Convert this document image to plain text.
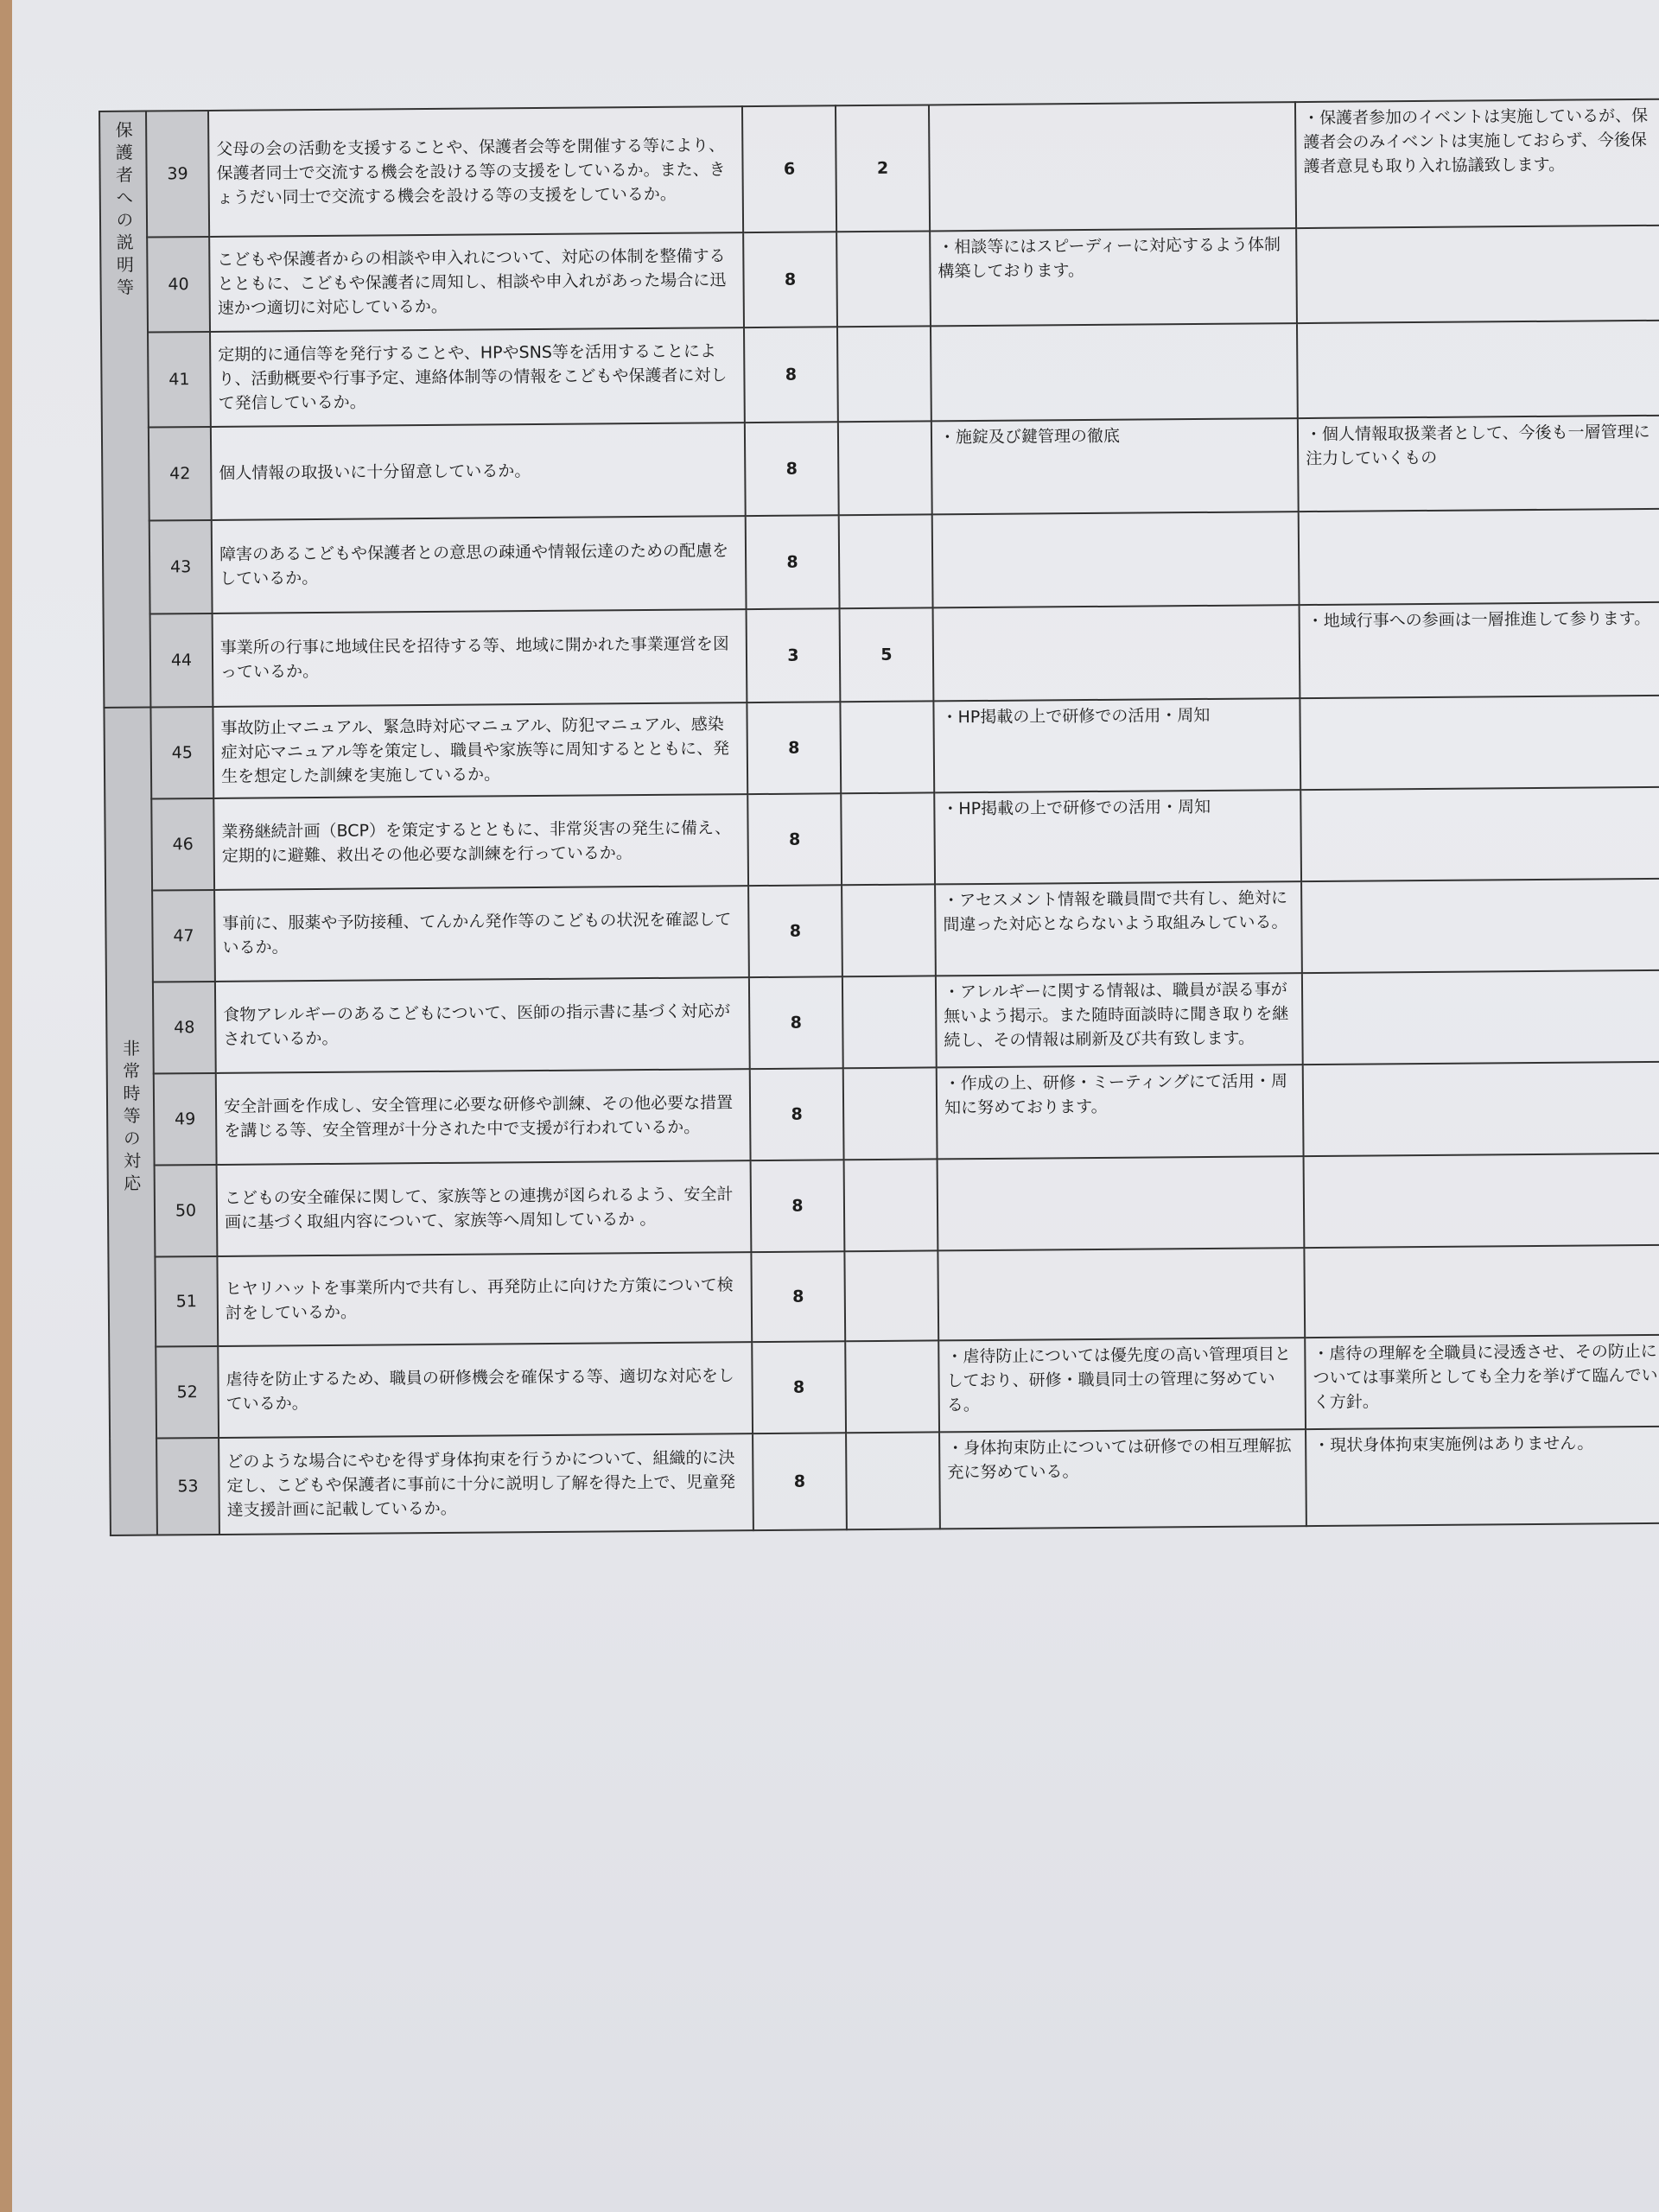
保護者への説明等	39	父母の会の活動を支援することや、保護者会等を開催する等により、保護者同士で交流する機会を設ける等の支援をしているか。また、きょうだい同士で交流する機会を設ける等の支援をしているか。	6	2		・保護者参加のイベントは実施しているが、保護者会のみイベントは実施しておらず、今後保護者意見も取り入れ協議致します。
	40	こどもや保護者からの相談や申入れについて、対応の体制を整備するとともに、こどもや保護者に周知し、相談や申入れがあった場合に迅速かつ適切に対応しているか。	8		・相談等にはスピーディーに対応するよう体制構築しております。	
	41	定期的に通信等を発行することや、HPやSNS等を活用することにより、活動概要や行事予定、連絡体制等の情報をこどもや保護者に対して発信しているか。	8			
	42	個人情報の取扱いに十分留意しているか。	8		・施錠及び鍵管理の徹底	・個人情報取扱業者として、今後も一層管理に注力していくもの
	43	障害のあるこどもや保護者との意思の疎通や情報伝達のための配慮をしているか。	8			
	44	事業所の行事に地域住民を招待する等、地域に開かれた事業運営を図っているか。	3	5		・地域行事への参画は一層推進して参ります。
非常時等の対応	45	事故防止マニュアル、緊急時対応マニュアル、防犯マニュアル、感染症対応マニュアル等を策定し、職員や家族等に周知するとともに、発生を想定した訓練を実施しているか。	8		・HP掲載の上で研修での活用・周知	
	46	業務継続計画（BCP）を策定するとともに、非常災害の発生に備え、定期的に避難、救出その他必要な訓練を行っているか。	8		・HP掲載の上で研修での活用・周知	
	47	事前に、服薬や予防接種、てんかん発作等のこどもの状況を確認しているか。	8		・アセスメント情報を職員間で共有し、絶対に間違った対応とならないよう取組みしている。	
	48	食物アレルギーのあるこどもについて、医師の指示書に基づく対応がされているか。	8		・アレルギーに関する情報は、職員が誤る事が無いよう掲示。また随時面談時に聞き取りを継続し、その情報は刷新及び共有致します。	
	49	安全計画を作成し、安全管理に必要な研修や訓練、その他必要な措置を講じる等、安全管理が十分された中で支援が行われているか。	8		・作成の上、研修・ミーティングにて活用・周知に努めております。	
	50	こどもの安全確保に関して、家族等との連携が図られるよう、安全計画に基づく取組内容について、家族等へ周知しているか 。	8			
	51	ヒヤリハットを事業所内で共有し、再発防止に向けた方策について検討をしているか。	8			
	52	虐待を防止するため、職員の研修機会を確保する等、適切な対応をしているか。	8		・虐待防止については優先度の高い管理項目としており、研修・職員同士の管理に努めている。	・虐待の理解を全職員に浸透させ、その防止については事業所としても全力を挙げて臨んでいく方針。
	53	どのような場合にやむを得ず身体拘束を行うかについて、組織的に決定し、こどもや保護者に事前に十分に説明し了解を得た上で、児童発達支援計画に記載しているか。	8		・身体拘束防止については研修での相互理解拡充に努めている。	・現状身体拘束実施例はありません。
